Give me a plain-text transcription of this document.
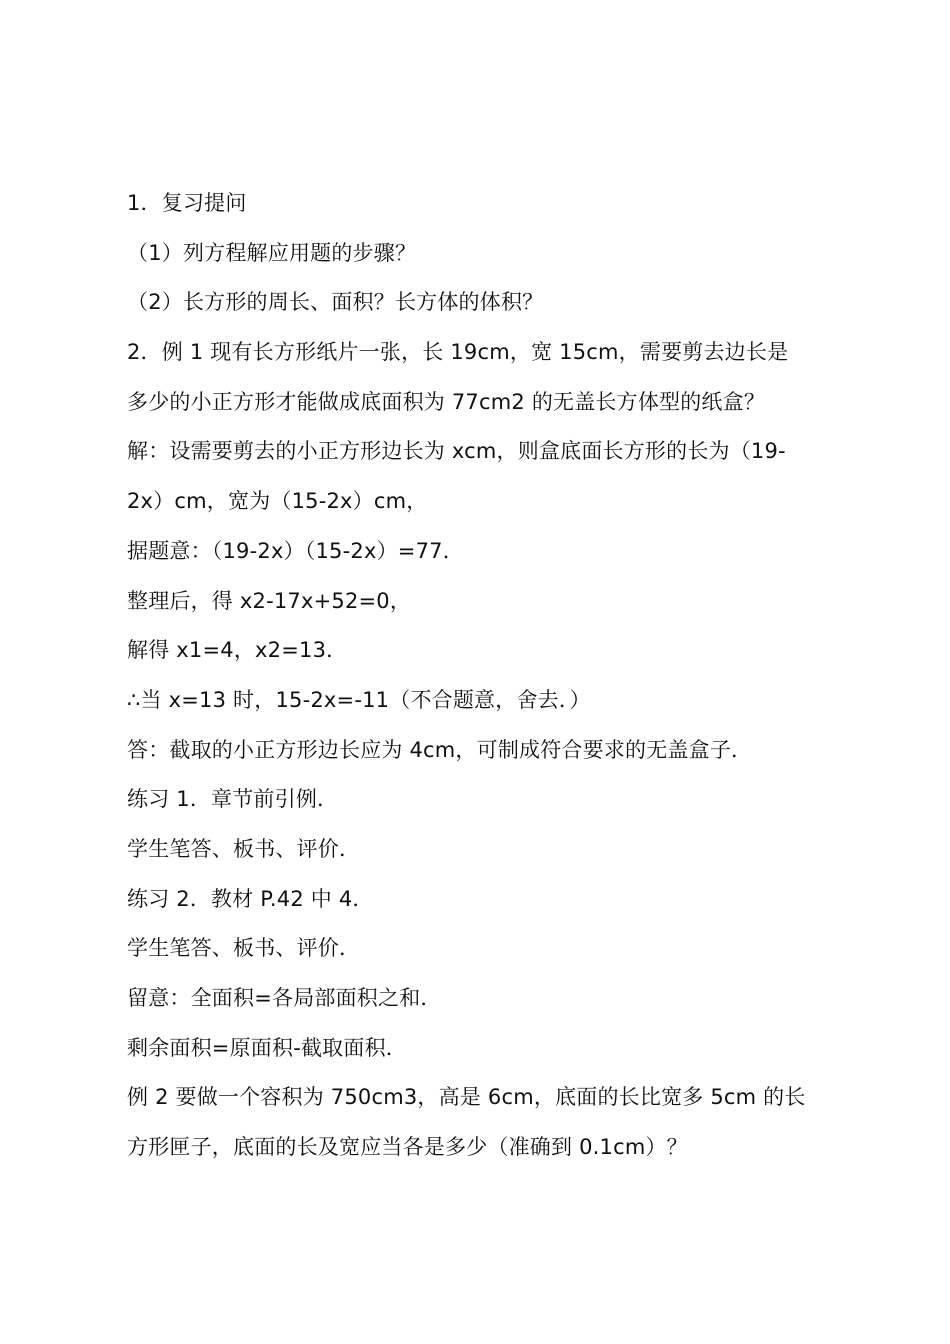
1．复习提问
（1）列方程解应用题的步骤？
（2）长方形的周长、面积？长方体的体积？
2．例 1 现有长方形纸片一张，长 19cm，宽 15cm，需要剪去边长是
多少的小正方形才能做成底面积为 77cm2 的无盖长方体型的纸盒？
解：设需要剪去的小正方形边长为 xcm，则盒底面长方形的长为（19-
2x）cm，宽为（15-2x）cm，
据题意：（19-2x）（15-2x）=77．
整理后，得 x2-17x+52=0，
解得 x1=4，x2=13．
∴当 x=13 时，15-2x=-11（不合题意，舍去．）
答：截取的小正方形边长应为 4cm，可制成符合要求的无盖盒子．
练习 1．章节前引例．
学生笔答、板书、评价．
练习 2．教材 P.42 中 4．
学生笔答、板书、评价．
留意：全面积=各局部面积之和．
剩余面积=原面积-截取面积．
例 2 要做一个容积为 750cm3，高是 6cm，底面的长比宽多 5cm 的长
方形匣子，底面的长及宽应当各是多少（准确到 0.1cm）？
